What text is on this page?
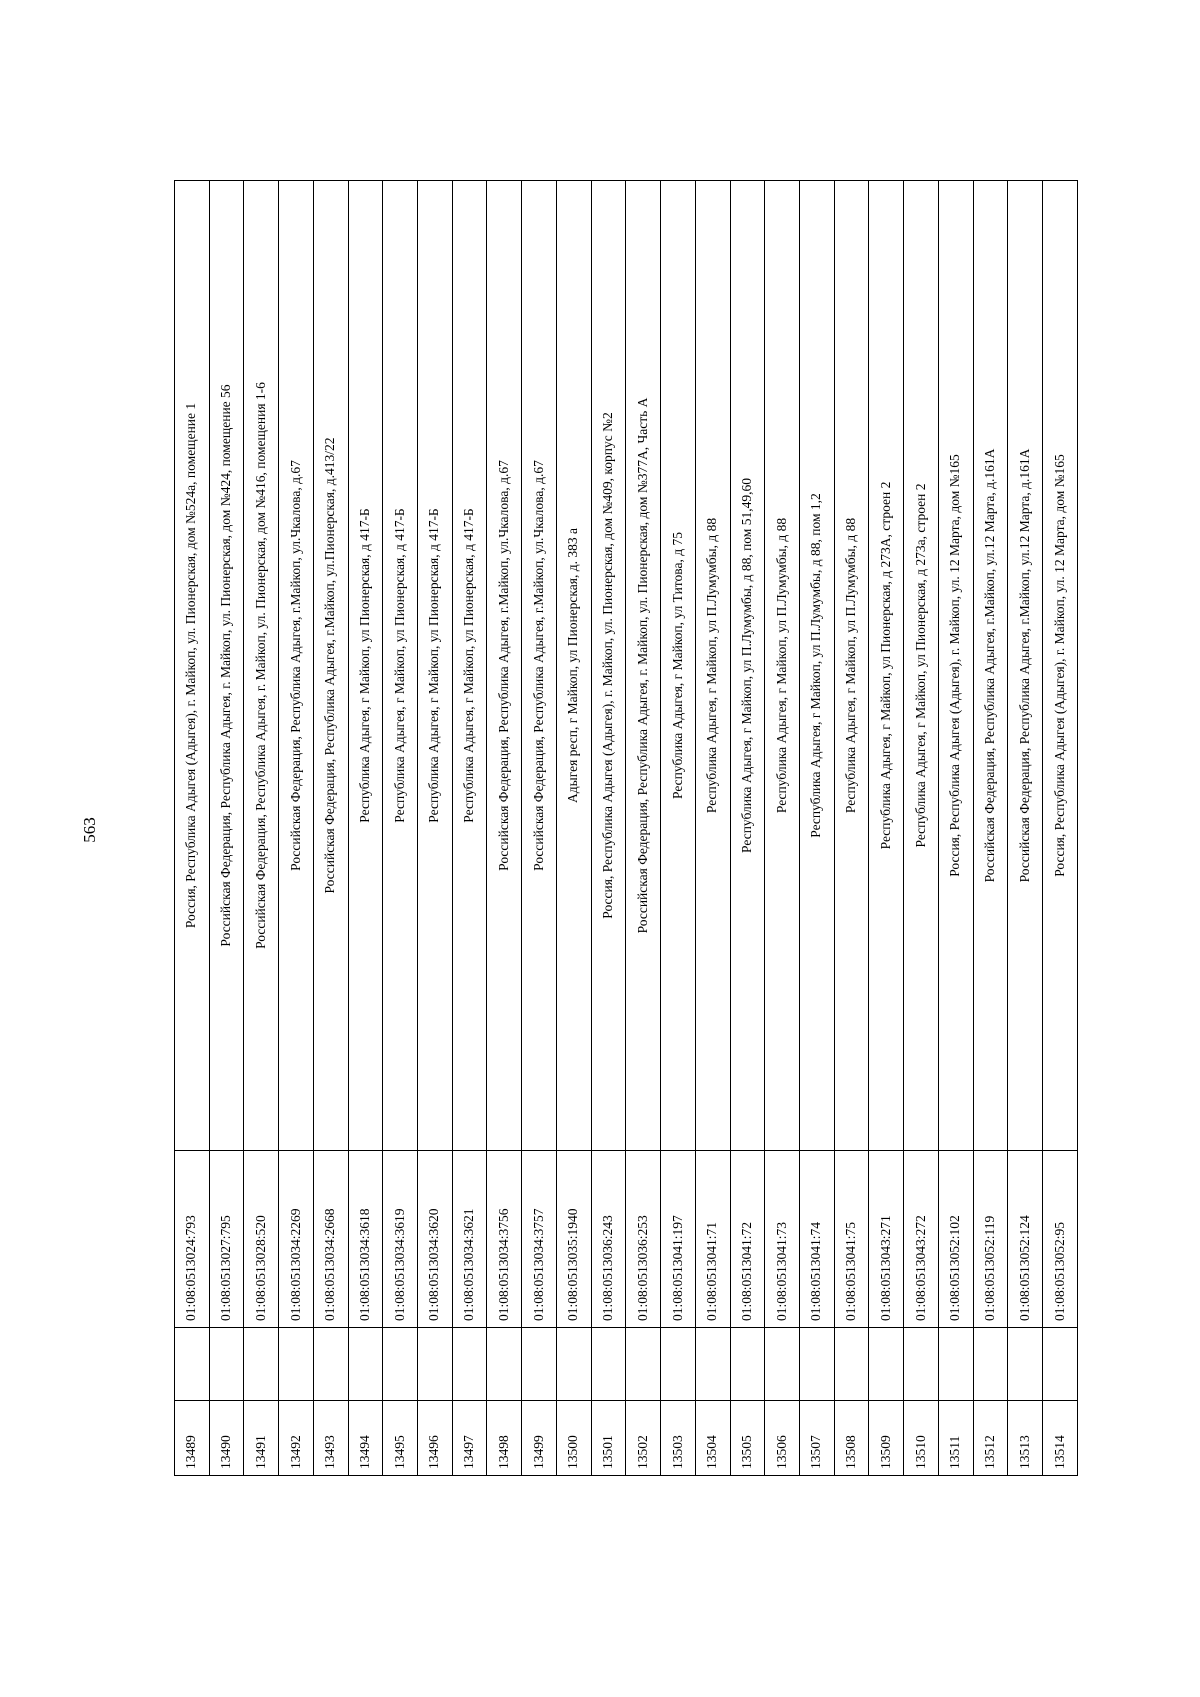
563
13489		01:08:0513024:793	Россия, Республика Адыгея (Адыгея), г. Майкоп, ул. Пионерская, дом №524а, помещение 1
13490		01:08:0513027:795	Российская Федерация, Республика Адыгея, г. Майкоп, ул. Пионерская, дом №424, помещение 56
13491		01:08:0513028:520	Российская Федерация, Республика Адыгея, г. Майкоп, ул. Пионерская, дом №416, помещения 1-6
13492		01:08:0513034:2269	Российская Федерация, Республика Адыгея, г.Майкоп, ул.Чкалова, д.67
13493		01:08:0513034:2668	Российская Федерация, Республика Адыгея, г.Майкоп, ул.Пионерская, д.413/22
13494		01:08:0513034:3618	Республика Адыгея, г Майкоп, ул Пионерская, д 417-Б
13495		01:08:0513034:3619	Республика Адыгея, г Майкоп, ул Пионерская, д 417-Б
13496		01:08:0513034:3620	Республика Адыгея, г Майкоп, ул Пионерская, д 417-Б
13497		01:08:0513034:3621	Республика Адыгея, г Майкоп, ул Пионерская, д 417-Б
13498		01:08:0513034:3756	Российская Федерация, Республика Адыгея, г.Майкоп, ул.Чкалова, д.67
13499		01:08:0513034:3757	Российская Федерация, Республика Адыгея, г.Майкоп, ул.Чкалова, д.67
13500		01:08:0513035:1940	Адыгея респ, г Майкоп, ул Пионерская, д. 383 а
13501		01:08:0513036:243	Россия, Республика Адыгея (Адыгея), г. Майкоп, ул. Пионерская, дом №409, корпус №2
13502		01:08:0513036:253	Российская Федерация, Республика Адыгея, г. Майкоп, ул. Пионерская, дом №377А, Часть А
13503		01:08:0513041:197	Республика Адыгея, г Майкоп, ул Титова, д 75
13504		01:08:0513041:71	Республика Адыгея, г Майкоп, ул П.Лумумбы, д 88
13505		01:08:0513041:72	Республика Адыгея, г Майкоп, ул П.Лумумбы, д 88, пом 51,49,60
13506		01:08:0513041:73	Республика Адыгея, г Майкоп, ул П.Лумумбы, д 88
13507		01:08:0513041:74	Республика Адыгея, г Майкоп, ул П.Лумумбы, д 88, пом 1,2
13508		01:08:0513041:75	Республика Адыгея, г Майкоп, ул П.Лумумбы, д 88
13509		01:08:0513043:271	Республика Адыгея, г Майкоп, ул Пионерская, д 273А, строен 2
13510		01:08:0513043:272	Республика Адыгея, г Майкоп, ул Пионерская, д 273а, строен 2
13511		01:08:0513052:102	Россия, Республика Адыгея (Адыгея), г. Майкоп, ул. 12 Марта, дом №165
13512		01:08:0513052:119	Российская Федерация, Республика Адыгея, г.Майкоп, ул.12 Марта, д.161А
13513		01:08:0513052:124	Российская Федерация, Республика Адыгея, г.Майкоп, ул.12 Марта, д.161А
13514		01:08:0513052:95	Россия, Республика Адыгея (Адыгея), г. Майкоп, ул. 12 Марта, дом №165
